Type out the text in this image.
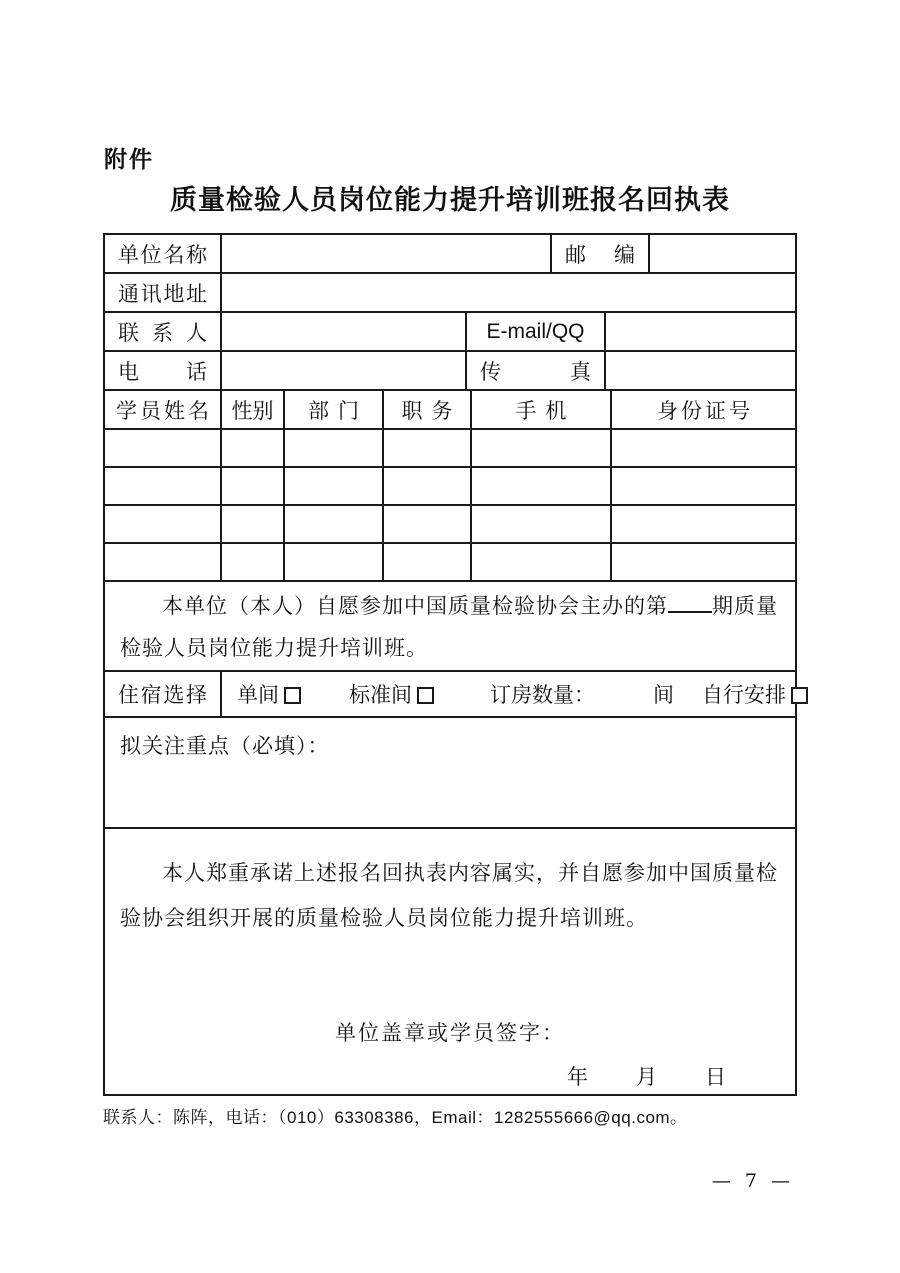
附件
质量检验人员岗位能力提升培训班报名回执表
单位名称	邮编
通讯地址
联系人	E-mail/QQ
电话	传真
学员姓名 性别	部门	职务	手机	身份证号

本单位（本人）自愿参加中国质量检验协会主办的第 期质量
检验人员岗位能力提升培训班。

住宿选择	单间	标准间	订房数量：	间 自行安排
拟关注重点（必填）：

本人郑重承诺上述报名回执表内容属实，并自愿参加中国质量检
验协会组织开展的质量检验人员岗位能力提升培训班。

单位盖章或学员签字：
年　　月　　日
联系人：陈阵，电话：（010）63308386，Email：1282555666@qq.com。
— 7 —
